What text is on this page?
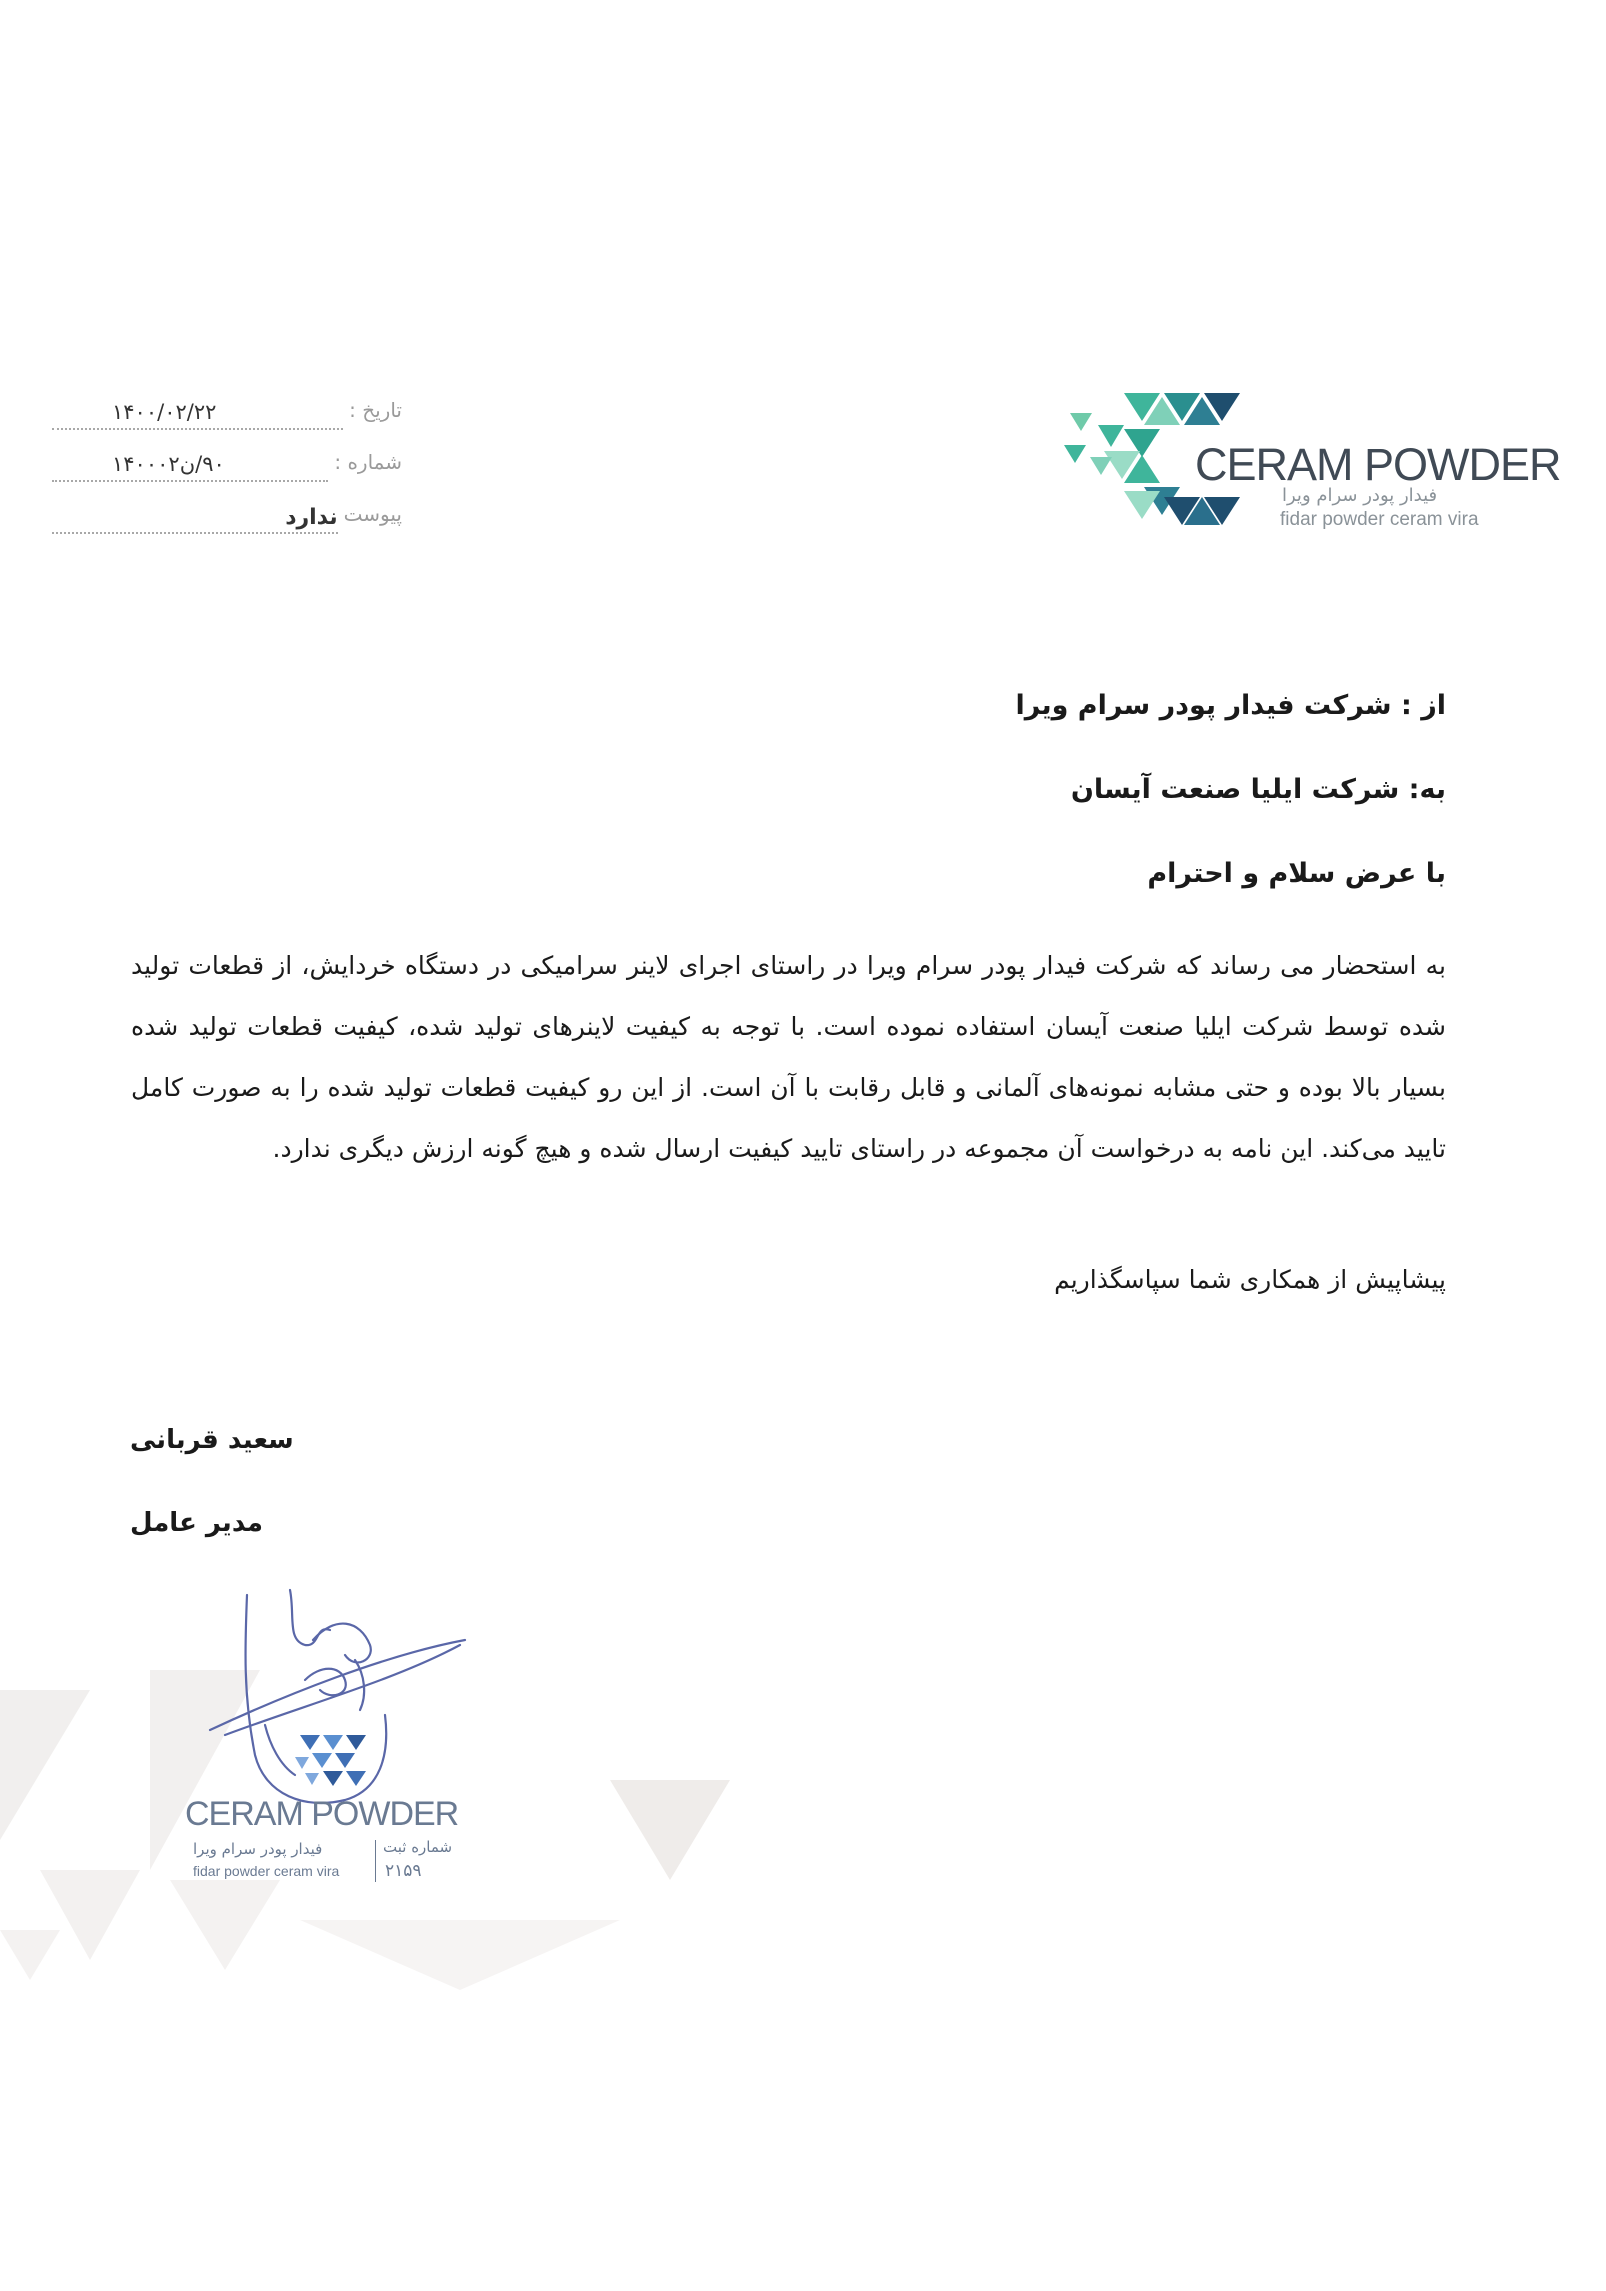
CERAM POWDER
فیدار پودر سرام ویرا
fidar powder ceram vira
تاریخ :
۱۴۰۰/۰۲/۲۲
شماره :
۹۰/ن۱۴۰۰۰۲
پیوست
ندارد
از : شرکت فیدار پودر سرام ویرا
به: شرکت ایلیا صنعت آیسان
با عرض سلام و احترام
به استحضار می رساند که شرکت فیدار پودر سرام ویرا در راستای اجرای لاینر سرامیکی در دستگاه خردایش، از قطعات تولید شده توسط شرکت ایلیا صنعت آیسان استفاده نموده است. با توجه به کیفیت لاینرهای تولید شده، کیفیت قطعات تولید شده بسیار بالا بوده و حتی مشابه نمونه‌های آلمانی و قابل رقابت با آن است. از این رو کیفیت قطعات تولید شده را به صورت کامل تایید می‌کند. این نامه به درخواست آن مجموعه در راستای تایید کیفیت ارسال شده و هیچ گونه ارزش دیگری ندارد.
پیشاپیش از همکاری شما سپاسگذاریم
سعید قربانی
مدیر عامل
CERAM POWDER
فیدار پودر سرام ویرا
fidar powder ceram vira
شماره ثبت
۲۱۵۹
